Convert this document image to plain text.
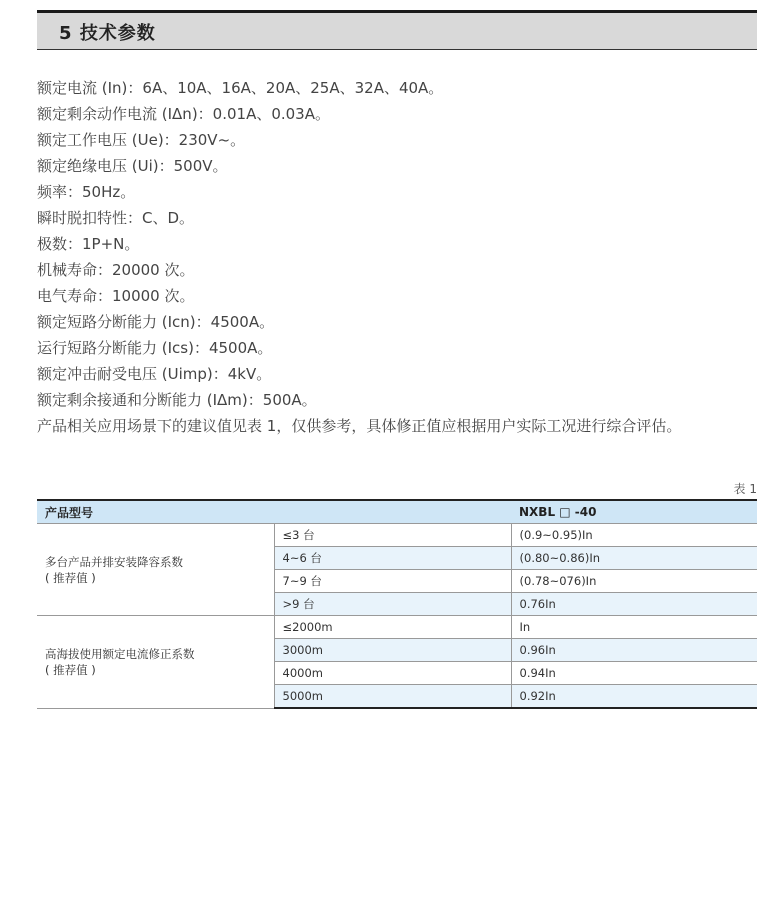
5 技术参数
额定电流 (In)：6A、10A、16A、20A、25A、32A、40A。
额定剩余动作电流 (IΔn)：0.01A、0.03A。
额定工作电压 (Ue)：230V~。
额定绝缘电压 (Ui)：500V。
频率：50Hz。
瞬时脱扣特性：C、D。
极数：1P+N。
机械寿命：20000 次。
电气寿命：10000 次。
额定短路分断能力 (Icn)：4500A。
运行短路分断能力 (Ics)：4500A。
额定冲击耐受电压 (Uimp)：4kV。
额定剩余接通和分断能力 (IΔm)：500A。
产品相关应用场景下的建议值见表 1，仅供参考，具体修正值应根据用户实际工况进行综合评估。
表 1
产品型号		NXBL □ -40

多台产品并排安装降容系数
( 推荐值 )	≤3 台	(0.9~0.95)In
	4~6 台	(0.80~0.86)In
	7~9 台	(0.78~076)In
	>9 台	0.76In

高海拔使用额定电流修正系数
( 推荐值 )	≤2000m	In
	3000m	0.96In
	4000m	0.94In
	5000m	0.92In
